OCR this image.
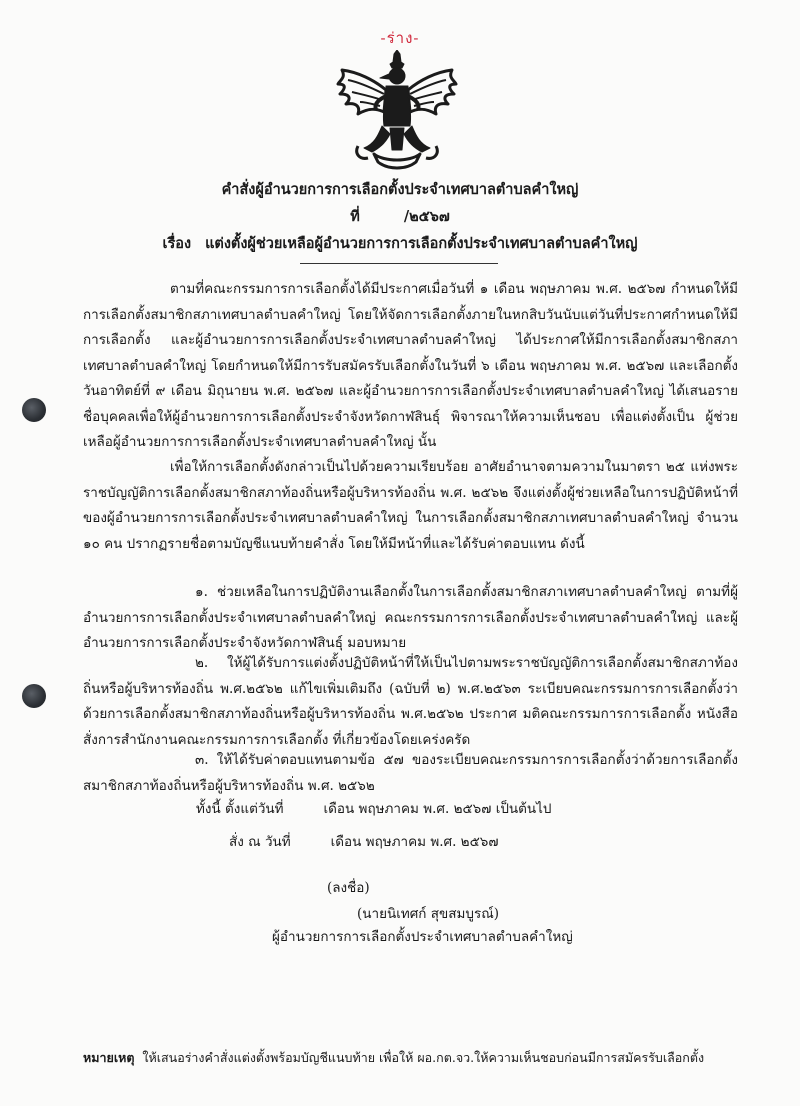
-ร่าง-
คำสั่งผู้อำนวยการการเลือกตั้งประจำเทศบาลตำบลคำใหญ่
ที่	/๒๕๖๗
เรื่อง แต่งตั้งผู้ช่วยเหลือผู้อำนวยการการเลือกตั้งประจำเทศบาลตำบลคำใหญ่
ตามที่คณะกรรมการการเลือกตั้งได้มีประกาศเมื่อวันที่ ๑ เดือน พฤษภาคม พ.ศ. ๒๕๖๗ กำหนดให้มีการเลือกตั้งสมาชิกสภาเทศบาลตำบลคำใหญ่ โดยให้จัดการเลือกตั้งภายในหกสิบวันนับแต่วันที่ประกาศกำหนดให้มีการเลือกตั้ง และผู้อำนวยการการเลือกตั้งประจำเทศบาลตำบลคำใหญ่ ได้ประกาศให้มีการเลือกตั้งสมาชิกสภาเทศบาลตำบลคำใหญ่ โดยกำหนดให้มีการรับสมัครรับเลือกตั้งในวันที่ ๖ เดือน พฤษภาคม พ.ศ. ๒๕๖๗ และเลือกตั้งวันอาทิตย์ที่ ๙ เดือน มิถุนายน พ.ศ. ๒๕๖๗ และผู้อำนวยการการเลือกตั้งประจำเทศบาลตำบลคำใหญ่ ได้เสนอรายชื่อบุคคลเพื่อให้ผู้อำนวยการการเลือกตั้งประจำจังหวัดกาฬสินธุ์ พิจารณาให้ความเห็นชอบ เพื่อแต่งตั้งเป็น ผู้ช่วยเหลือผู้อำนวยการการเลือกตั้งประจำเทศบาลตำบลคำใหญ่ นั้น
เพื่อให้การเลือกตั้งดังกล่าวเป็นไปด้วยความเรียบร้อย อาศัยอำนาจตามความในมาตรา ๒๕ แห่งพระราชบัญญัติการเลือกตั้งสมาชิกสภาท้องถิ่นหรือผู้บริหารท้องถิ่น พ.ศ. ๒๕๖๒ จึงแต่งตั้งผู้ช่วยเหลือในการปฏิบัติหน้าที่ของผู้อำนวยการการเลือกตั้งประจำเทศบาลตำบลคำใหญ่ ในการเลือกตั้งสมาชิกสภาเทศบาลตำบลคำใหญ่ จำนวน ๑๐ คน ปรากฏรายชื่อตามบัญชีแนบท้ายคำสั่ง โดยให้มีหน้าที่และได้รับค่าตอบแทน ดังนี้
๑. ช่วยเหลือในการปฏิบัติงานเลือกตั้งในการเลือกตั้งสมาชิกสภาเทศบาลตำบลคำใหญ่ ตามที่ผู้อำนวยการการเลือกตั้งประจำเทศบาลตำบลคำใหญ่ คณะกรรมการการเลือกตั้งประจำเทศบาลตำบลคำใหญ่ และผู้อำนวยการการเลือกตั้งประจำจังหวัดกาฬสินธุ์ มอบหมาย
๒. ให้ผู้ได้รับการแต่งตั้งปฏิบัติหน้าที่ให้เป็นไปตามพระราชบัญญัติการเลือกตั้งสมาชิกสภาท้องถิ่นหรือผู้บริหารท้องถิ่น พ.ศ.๒๕๖๒ แก้ไขเพิ่มเติมถึง (ฉบับที่ ๒) พ.ศ.๒๕๖๓ ระเบียบคณะกรรมการการเลือกตั้งว่าด้วยการเลือกตั้งสมาชิกสภาท้องถิ่นหรือผู้บริหารท้องถิ่น พ.ศ.๒๕๖๒ ประกาศ มติคณะกรรมการการเลือกตั้ง หนังสือสั่งการสำนักงานคณะกรรมการการเลือกตั้ง ที่เกี่ยวข้องโดยเคร่งครัด
๓. ให้ได้รับค่าตอบแทนตามข้อ ๕๗ ของระเบียบคณะกรรมการการเลือกตั้งว่าด้วยการเลือกตั้งสมาชิกสภาท้องถิ่นหรือผู้บริหารท้องถิ่น พ.ศ. ๒๕๖๒
ทั้งนี้ ตั้งแต่วันที่	เดือน พฤษภาคม พ.ศ. ๒๕๖๗ เป็นต้นไป
สั่ง ณ วันที่	เดือน พฤษภาคม พ.ศ. ๒๕๖๗
(ลงชื่อ)
(นายนิเทศก์ สุขสมบูรณ์)
ผู้อำนวยการการเลือกตั้งประจำเทศบาลตำบลคำใหญ่
หมายเหตุ ให้เสนอร่างคำสั่งแต่งตั้งพร้อมบัญชีแนบท้าย เพื่อให้ ผอ.กต.จว.ให้ความเห็นชอบก่อนมีการสมัครรับเลือกตั้ง
